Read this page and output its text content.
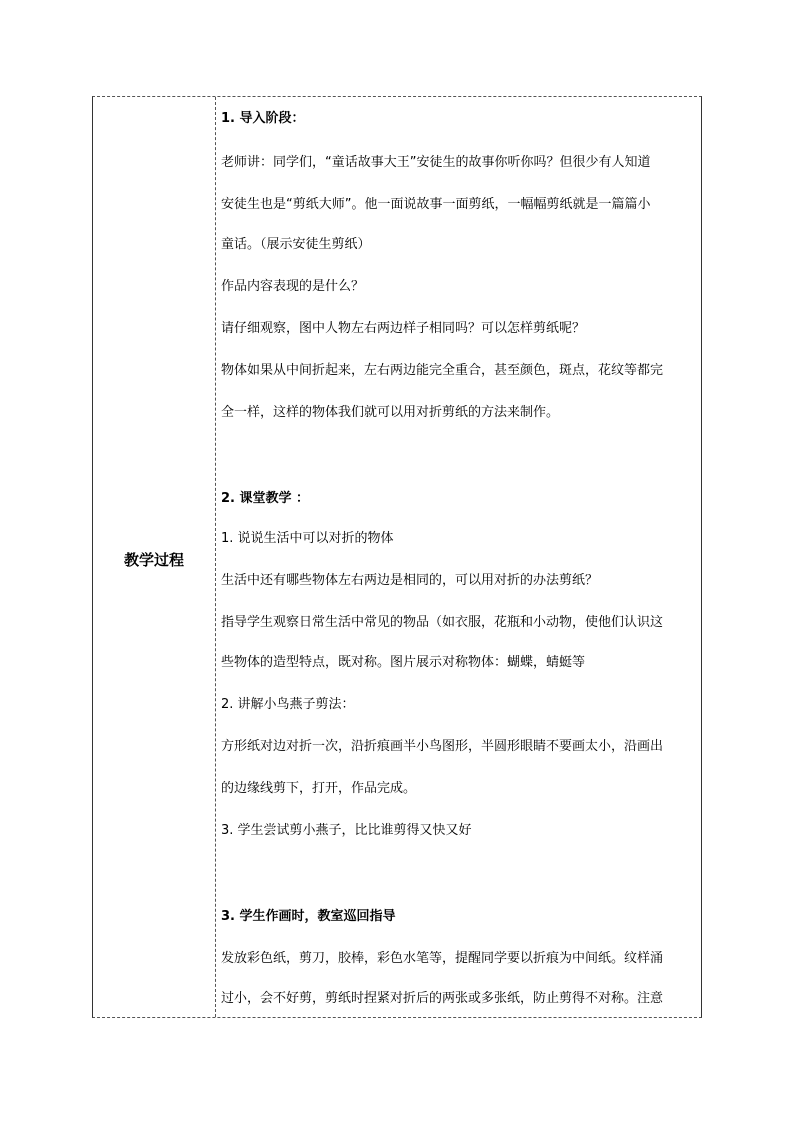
教学过程
1. 导入阶段：
老师讲：同学们，“童话故事大王”安徒生的故事你听你吗？但很少有人知道
安徒生也是“剪纸大师”。他一面说故事一面剪纸，一幅幅剪纸就是一篇篇小
童话。（展示安徒生剪纸）
作品内容表现的是什么？
请仔细观察，图中人物左右两边样子相同吗？可以怎样剪纸呢？
物体如果从中间折起来，左右两边能完全重合，甚至颜色，斑点，花纹等都完
全一样，这样的物体我们就可以用对折剪纸的方法来制作。
2. 课堂教学 ：
1. 说说生活中可以对折的物体
生活中还有哪些物体左右两边是相同的，可以用对折的办法剪纸？
指导学生观察日常生活中常见的物品（如衣服，花瓶和小动物，使他们认识这
些物体的造型特点，既对称。图片展示对称物体：蝴蝶，蜻蜓等
2. 讲解小鸟燕子剪法：
方形纸对边对折一次，沿折痕画半小鸟图形，半圆形眼睛不要画太小，沿画出
的边缘线剪下，打开，作品完成。
3. 学生尝试剪小燕子，比比谁剪得又快又好
3. 学生作画时，教室巡回指导
发放彩色纸，剪刀，胶棒，彩色水笔等，提醒同学要以折痕为中间纸。纹样涌
过小，会不好剪，剪纸时捏紧对折后的两张或多张纸，防止剪得不对称。注意
